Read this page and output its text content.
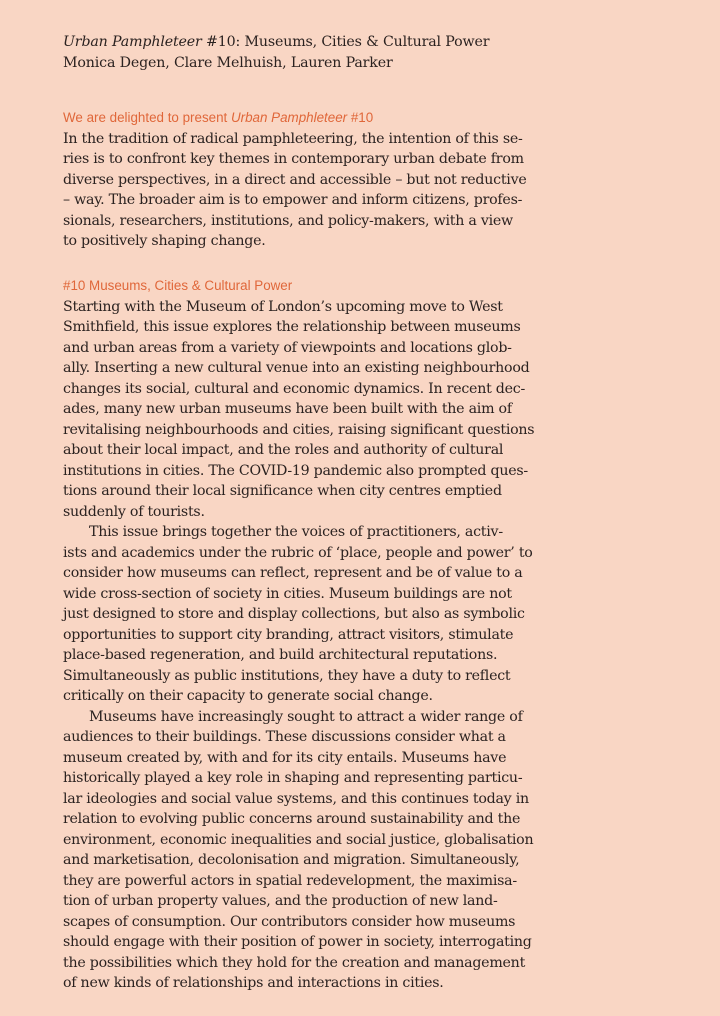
Urban Pamphleteer #10: Museums, Cities & Cultural Power
Monica Degen, Clare Melhuish, Lauren Parker
We are delighted to present Urban Pamphleteer #10
In the tradition of radical pamphleteering, the intention of this se-
ries is to confront key themes in contemporary urban debate from
diverse perspectives, in a direct and accessible – but not reductive
– way. The broader aim is to empower and inform citizens, profes-
sionals, researchers, institutions, and policy-makers, with a view
to positively shaping change.
#10 Museums, Cities & Cultural Power
Starting with the Museum of London’s upcoming move to West
Smithfield, this issue explores the relationship between museums
and urban areas from a variety of viewpoints and locations glob-
ally. Inserting a new cultural venue into an existing neighbourhood
changes its social, cultural and economic dynamics. In recent dec-
ades, many new urban museums have been built with the aim of
revitalising neighbourhoods and cities, raising significant questions
about their local impact, and the roles and authority of cultural
institutions in cities. The COVID-19 pandemic also prompted ques-
tions around their local significance when city centres emptied
suddenly of tourists.
This issue brings together the voices of practitioners, activ-
ists and academics under the rubric of ‘place, people and power’ to
consider how museums can reflect, represent and be of value to a
wide cross-section of society in cities. Museum buildings are not
just designed to store and display collections, but also as symbolic
opportunities to support city branding, attract visitors, stimulate
place-based regeneration, and build architectural reputations.
Simultaneously as public institutions, they have a duty to reflect
critically on their capacity to generate social change.
Museums have increasingly sought to attract a wider range of
audiences to their buildings. These discussions consider what a
museum created by, with and for its city entails. Museums have
historically played a key role in shaping and representing particu-
lar ideologies and social value systems, and this continues today in
relation to evolving public concerns around sustainability and the
environment, economic inequalities and social justice, globalisation
and marketisation, decolonisation and migration. Simultaneously,
they are powerful actors in spatial redevelopment, the maximisa-
tion of urban property values, and the production of new land-
scapes of consumption. Our contributors consider how museums
should engage with their position of power in society, interrogating
the possibilities which they hold for the creation and management
of new kinds of relationships and interactions in cities.
